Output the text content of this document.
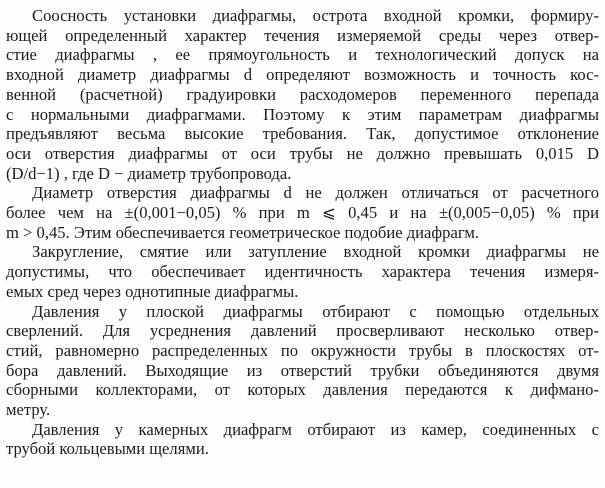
Соосность установки диафрагмы, острота входной кромки, формиру-
ющей определенный характер течения измеряемой среды через отвер-
стие диафрагмы , ее прямоугольность и технологический допуск на
входной диаметр диафрагмы d определяют возможность и точность кос-
венной (расчетной) градуировки расходомеров переменного перепада
с нормальными диафрагмами. Поэтому к этим параметрам диафрагмы
предъявляют весьма высокие требования. Так, допустимое отклонение
оси отверстия диафрагмы от оси трубы не должно превышать 0,015 D
(D/d−1) , где D − диаметр трубопровода.

Диаметр отверстия диафрагмы d не должен отличаться от расчетного
более чем на ±(0,001−0,05) % при m ⩽ 0,45 и на ±(0,005−0,05) % при
m > 0,45. Этим обеспечивается геометрическое подобие диафрагм.

Закругление, смятие или затупление входной кромки диафрагмы не
допустимы, что обеспечивает идентичность характера течения измеря-
емых сред через однотипные диафрагмы.

Давления у плоской диафрагмы отбирают с помощью отдельных
сверлений. Для усреднения давлений просверливают несколько отвер-
стий, равномерно распределенных по окружности трубы в плоскостях от-
бора давлений. Выходящие из отверстий трубки объединяются двумя
сборными коллекторами, от которых давления передаются к дифмано-
метру.

Давления у камерных диафрагм отбирают из камер, соединенных с
трубой кольцевыми щелями.
